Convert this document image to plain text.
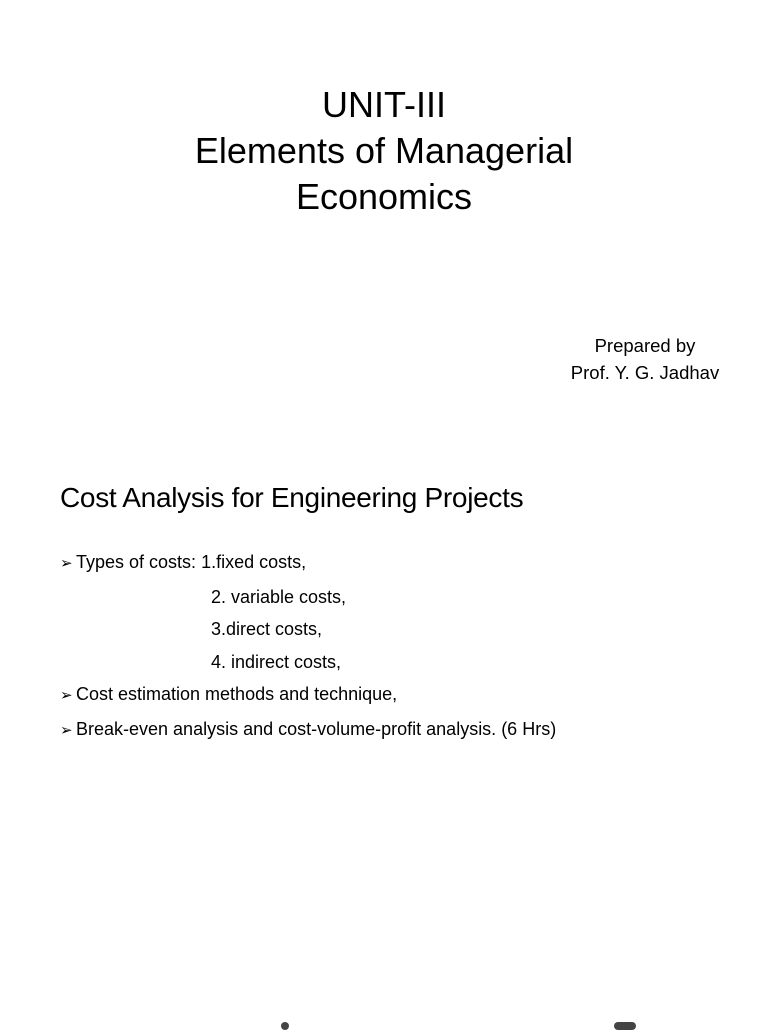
UNIT-III
Elements of Managerial
Economics
Prepared by
Prof. Y. G. Jadhav
Cost Analysis for Engineering Projects
➢ Types of costs: 1.fixed costs,
2. variable costs,
3.direct costs,
4. indirect costs,
➢ Cost estimation methods and technique,
➢ Break-even analysis and cost-volume-profit analysis. (6 Hrs)
